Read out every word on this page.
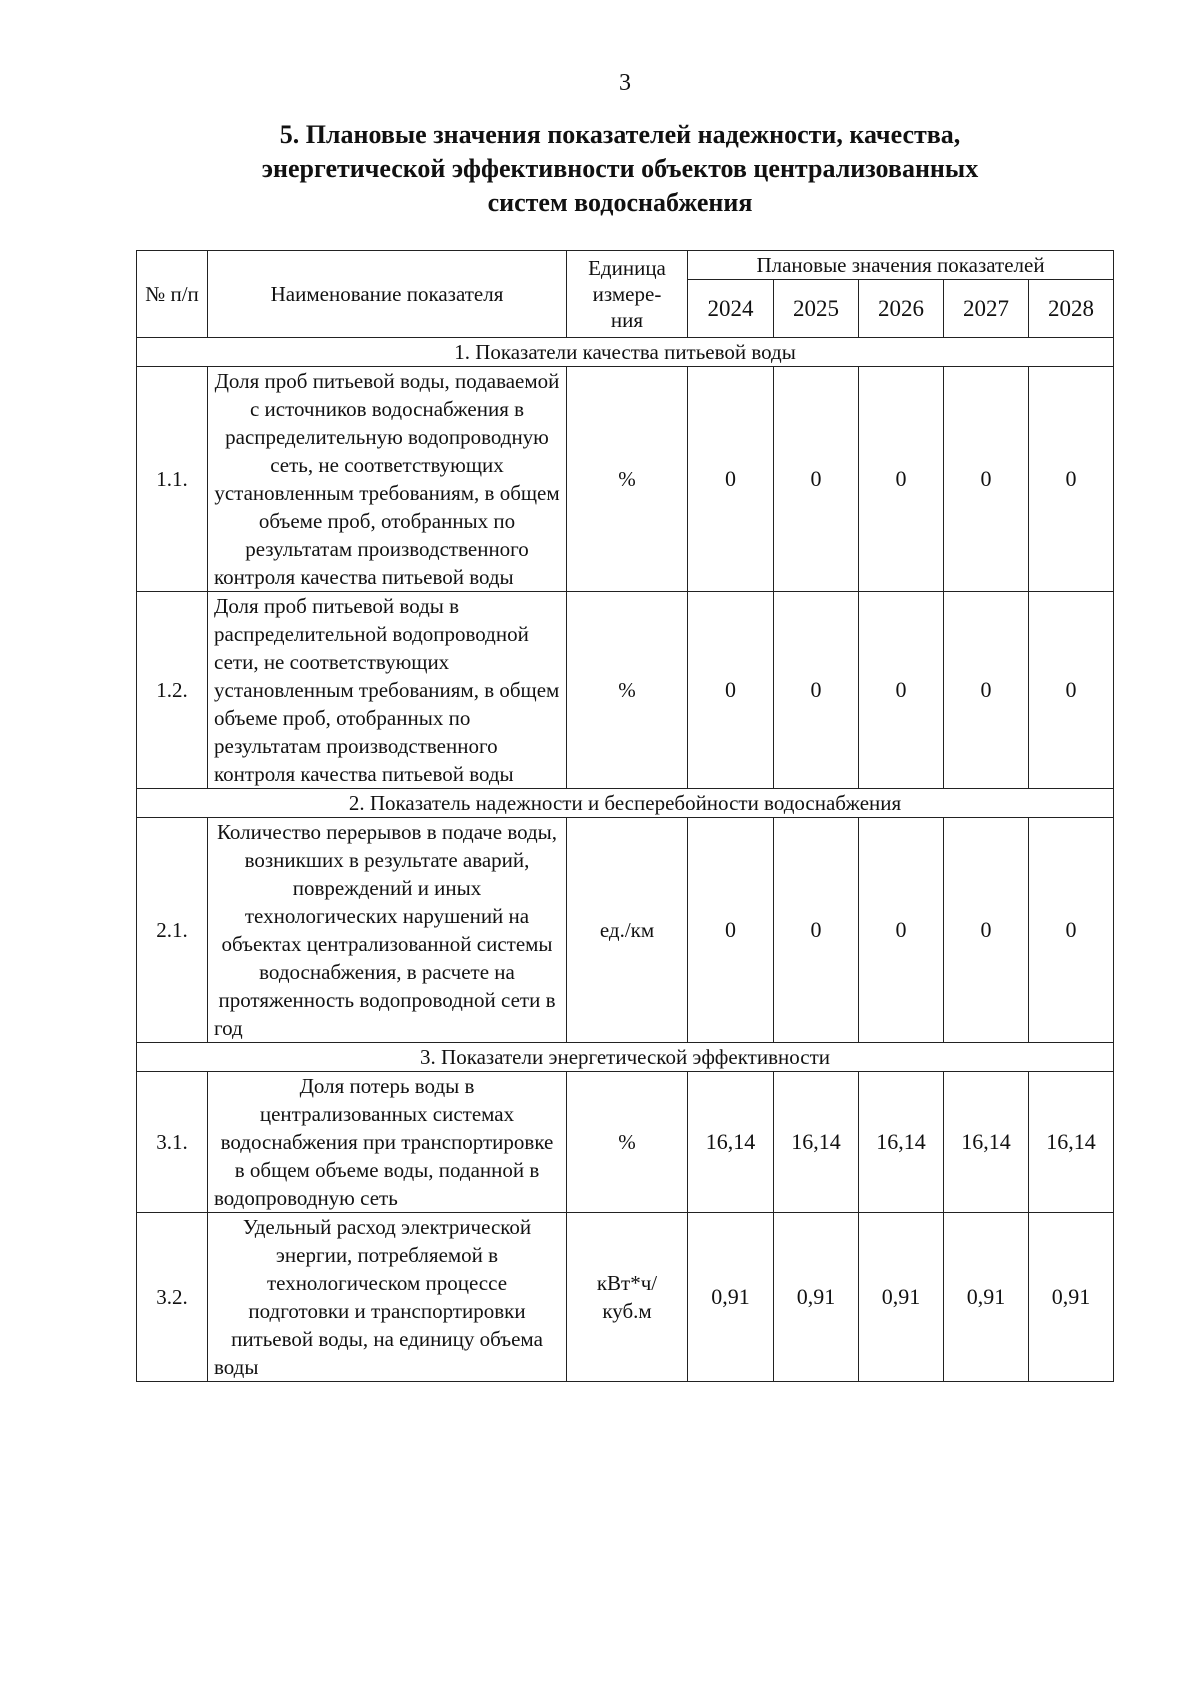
3
5. Плановые значения показателей надежности, качества,
энергетической эффективности объектов централизованных
систем водоснабжения
№ п/п	Наименование показателя	Единица измере-ния	Плановые значения показателей				
			2024	2025	2026	2027	2028
1. Показатели качества питьевой воды							
1.1.	Доля проб питьевой воды, подаваемой с источников водоснабжения в распределительную водопроводную сеть, не соответствующих установленным требованиям, в общем объеме проб, отобранных по результатам производственного контроля качества питьевой воды	%	0	0	0	0	0
1.2.	Доля проб питьевой воды в распределительной водопроводной сети, не соответствующих установленным требованиям, в общем объеме проб, отобранных по результатам производственного контроля качества питьевой воды	%	0	0	0	0	0
2. Показатель надежности и бесперебойности водоснабжения							
2.1.	Количество перерывов в подаче воды, возникших в результате аварий, повреждений и иных технологических нарушений на объектах централизованной системы водоснабжения, в расчете на протяженность водопроводной сети в год	ед./км	0	0	0	0	0
3. Показатели энергетической эффективности							
3.1.	Доля потерь воды в централизованных системах водоснабжения при транспортировке в общем объеме воды, поданной в водопроводную сеть	%	16,14	16,14	16,14	16,14	16,14
3.2.	Удельный расход электрической энергии, потребляемой в технологическом процессе подготовки и транспортировки питьевой воды, на единицу объема воды	кВт*ч/ куб.м	0,91	0,91	0,91	0,91	0,91
